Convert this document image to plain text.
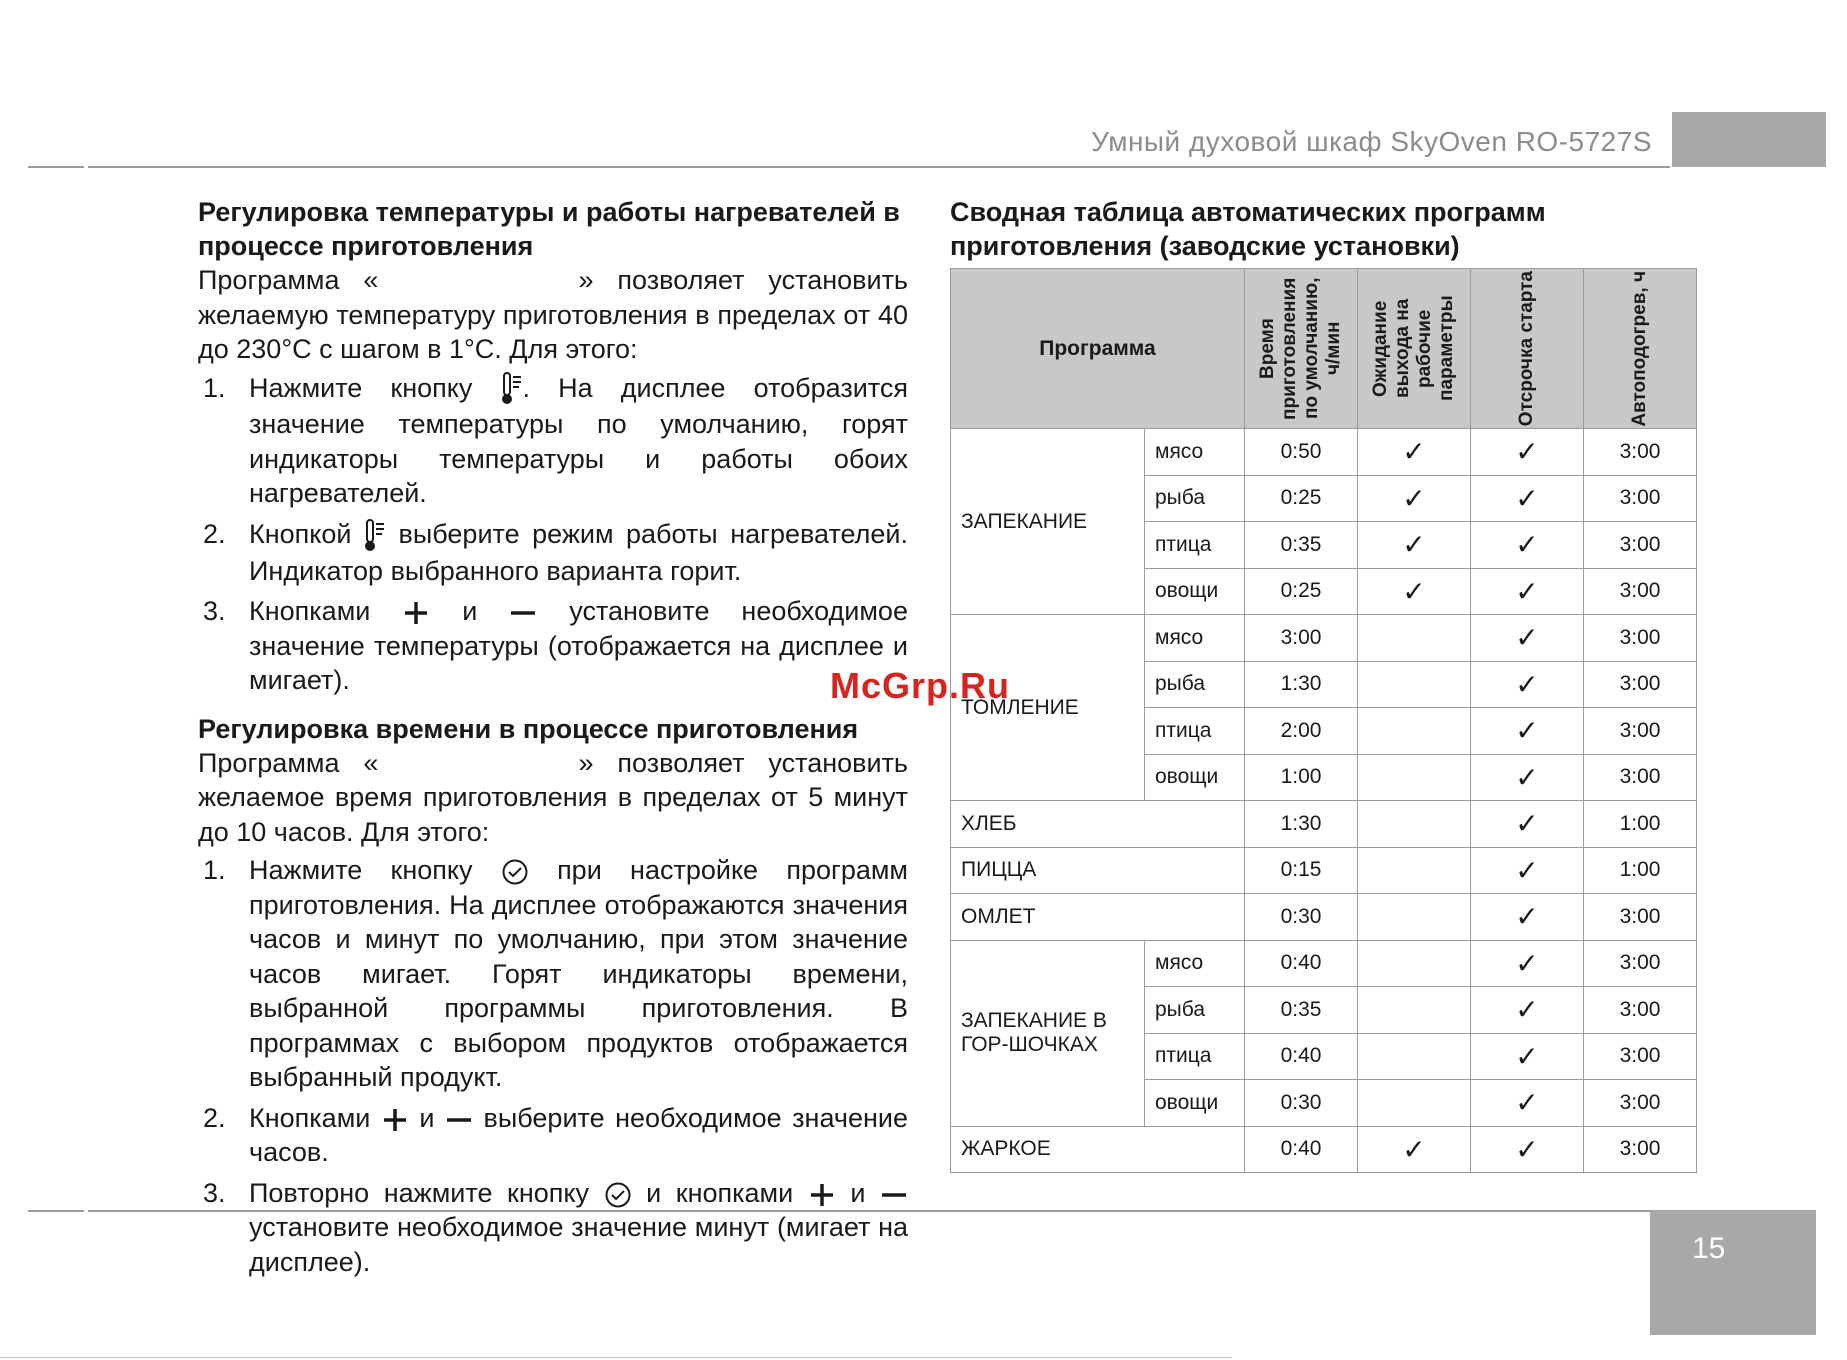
Умный духовой шкаф SkyOven RO-5727S
Регулировка температуры и работы нагревателей в процессе приготовления

Программа «	» позволяет установить желаемую температуру приготовления в пределах от 40 до 230°С с шагом в 1°С. Для этого:

1. Нажмите кнопку . На дисплее отобразится значение температуры по умолчанию, горят индикаторы температуры и работы обоих нагревателей.
2. Кнопкой выберите режим работы нагревателей. Индикатор выбранного варианта горит.
3. Кнопками	и	установите необходимое значение температуры (отображается на дисплее и мигает).
Регулировка времени в процессе приготовления

Программа «	» позволяет установить желаемое время приготовления в пределах от 5 минут до 10 часов. Для этого:

1. Нажмите кнопку	при настройке программ приготовления. На дисплее отображаются значения часов и минут по умолчанию, при этом значение часов мигает. Горят индикаторы времени, выбранной программы приготовления. В программах с выбором продуктов отображается выбранный продукт.
2. Кнопками и выберите необходимое значение часов.
3. Повторно нажмите кнопку и кнопками и  установите необходимое значение минут (мигает на дисплее).
Сводная таблица автоматических программ приготовления (заводские установки)
Программа		Время приготовления по умолчанию, ч/мин	Ожидание выхода на рабочие параметры	Отсрочка старта	Автоподогрев, ч

ЗАПЕКАНИЕ	мясо	0:50	✓	✓	3:00
	рыба	0:25	✓	✓	3:00
	птица	0:35	✓	✓	3:00
	овощи	0:25	✓	✓	3:00
ТОМЛЕНИЕ	мясо	3:00		✓	3:00
	рыба	1:30		✓	3:00
	птица	2:00		✓	3:00
	овощи	1:00		✓	3:00
ХЛЕБ		1:30		✓	1:00
ПИЦЦА		0:15		✓	1:00
ОМЛЕТ		0:30		✓	3:00
ЗАПЕКАНИЕ В ГОР-ШОЧКАХ	мясо	0:40		✓	3:00
	рыба	0:35		✓	3:00
	птица	0:40		✓	3:00
	овощи	0:30		✓	3:00
ЖАРКОЕ		0:40	✓	✓	3:00
McGrp.Ru
15
